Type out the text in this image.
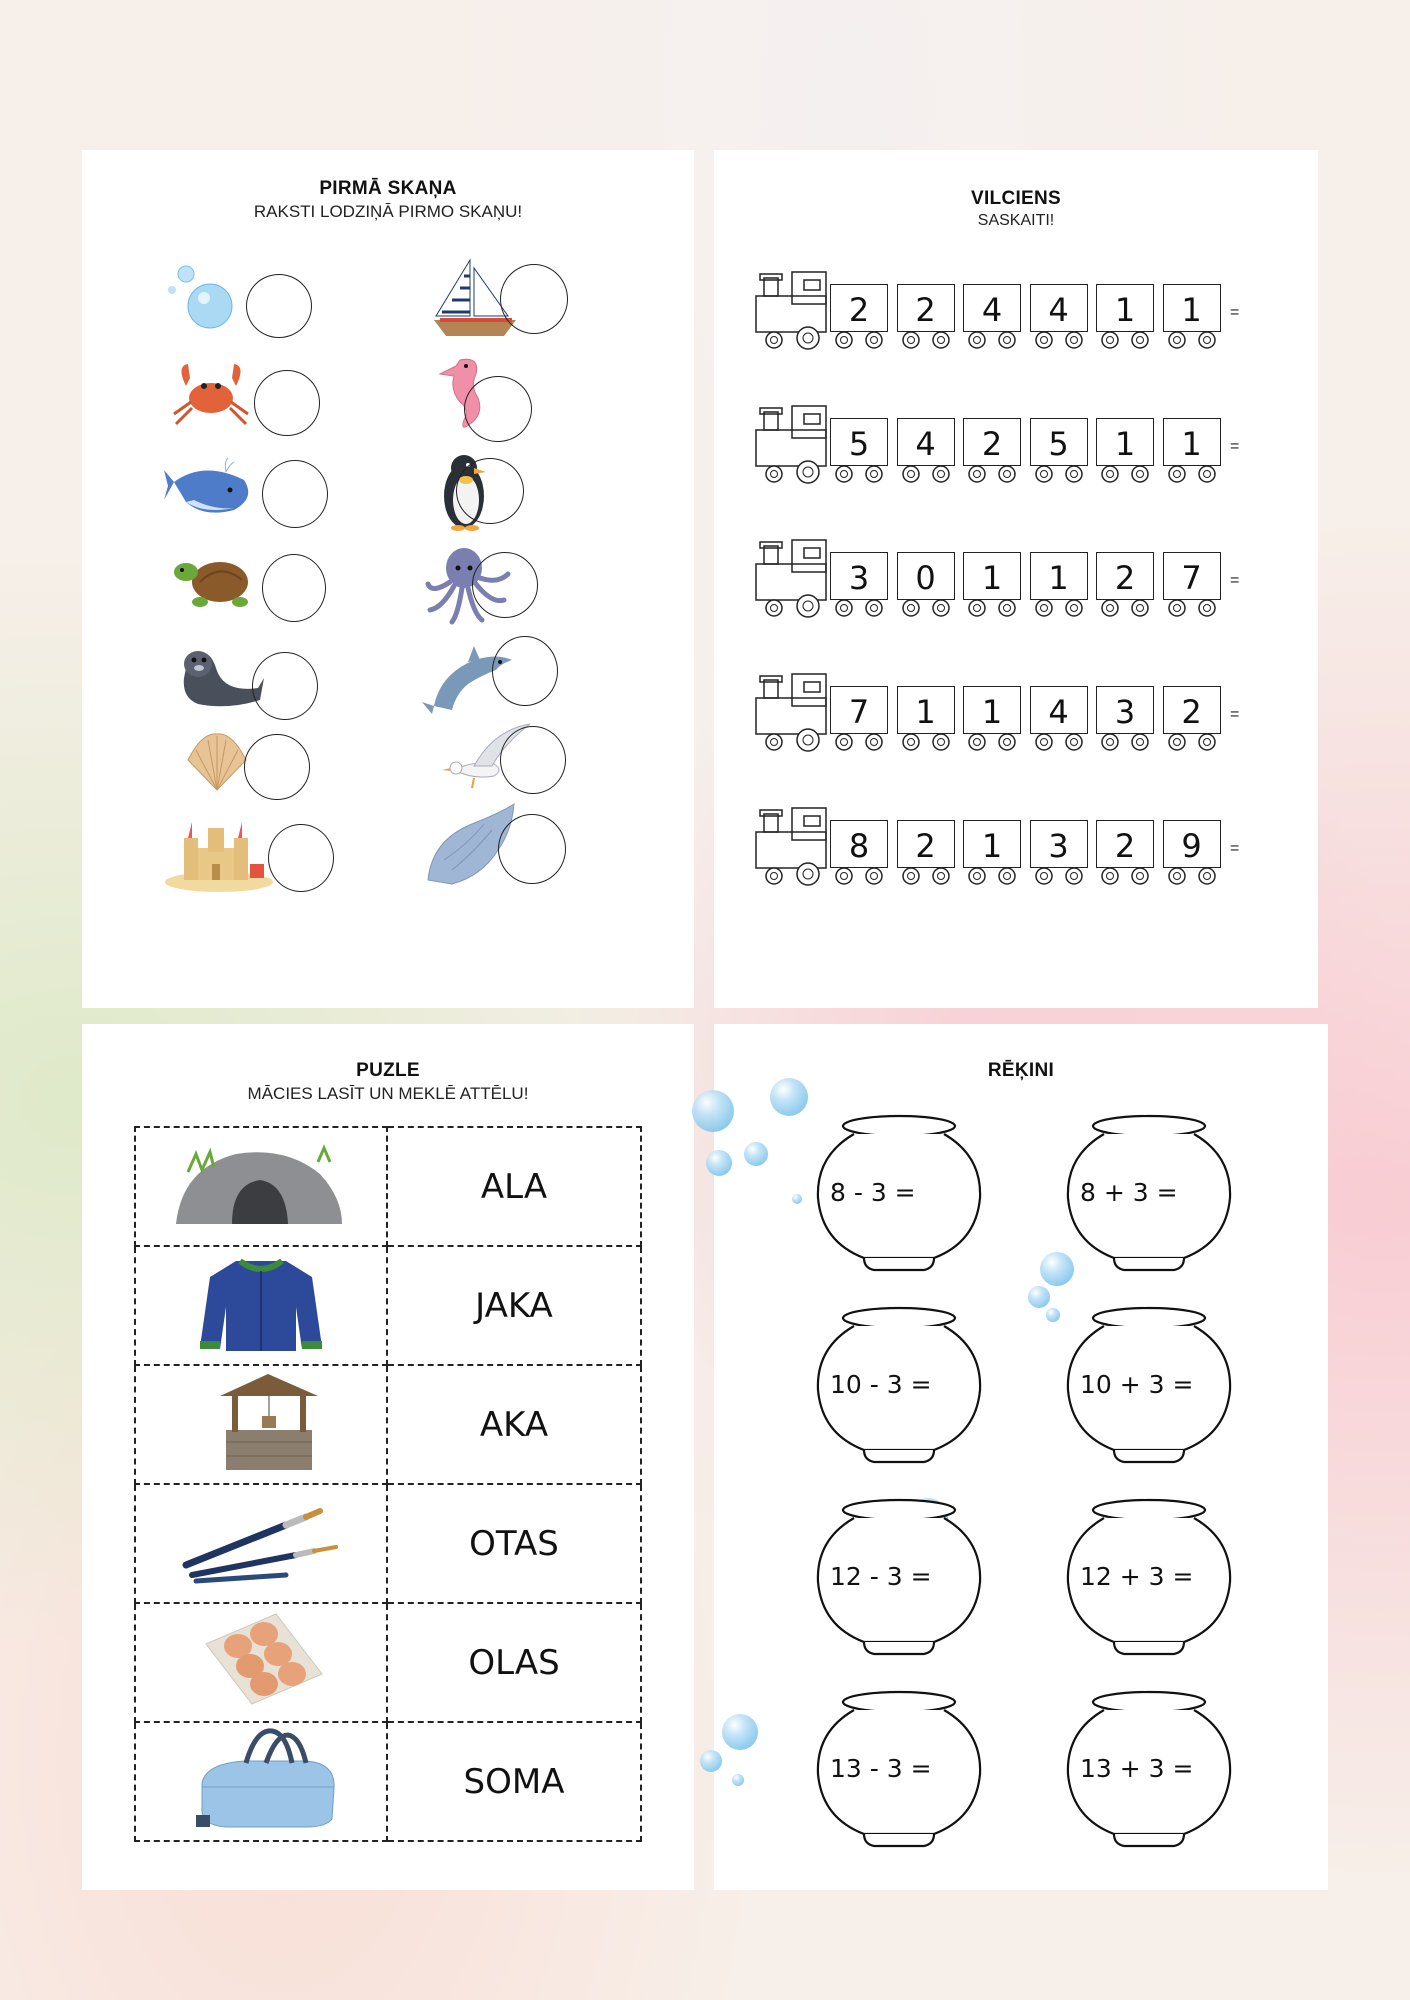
PIRMĀ SKAŅA
RAKSTI LODZIŅĀ PIRMO SKAŅU!
VILCIENS
SASKAITI!
2	2	4	4	1	1	=
5	4	2	5	1	1	=
3	0	1	1	2	7	=
7	1	1	4	3	2	=
8	2	1	3	2	9	=
PUZLE
MĀCIES LASĪT UN MEKLĒ ATTĒLU!
	ALA
	JAKA
	AKA
	OTAS
	OLAS
	SOMA
RĒĶINI
8 - 3 =	8 + 3 =
10 - 3 =	10 + 3 =
12 - 3 =	12 + 3 =
13 - 3 =	13 + 3 =
